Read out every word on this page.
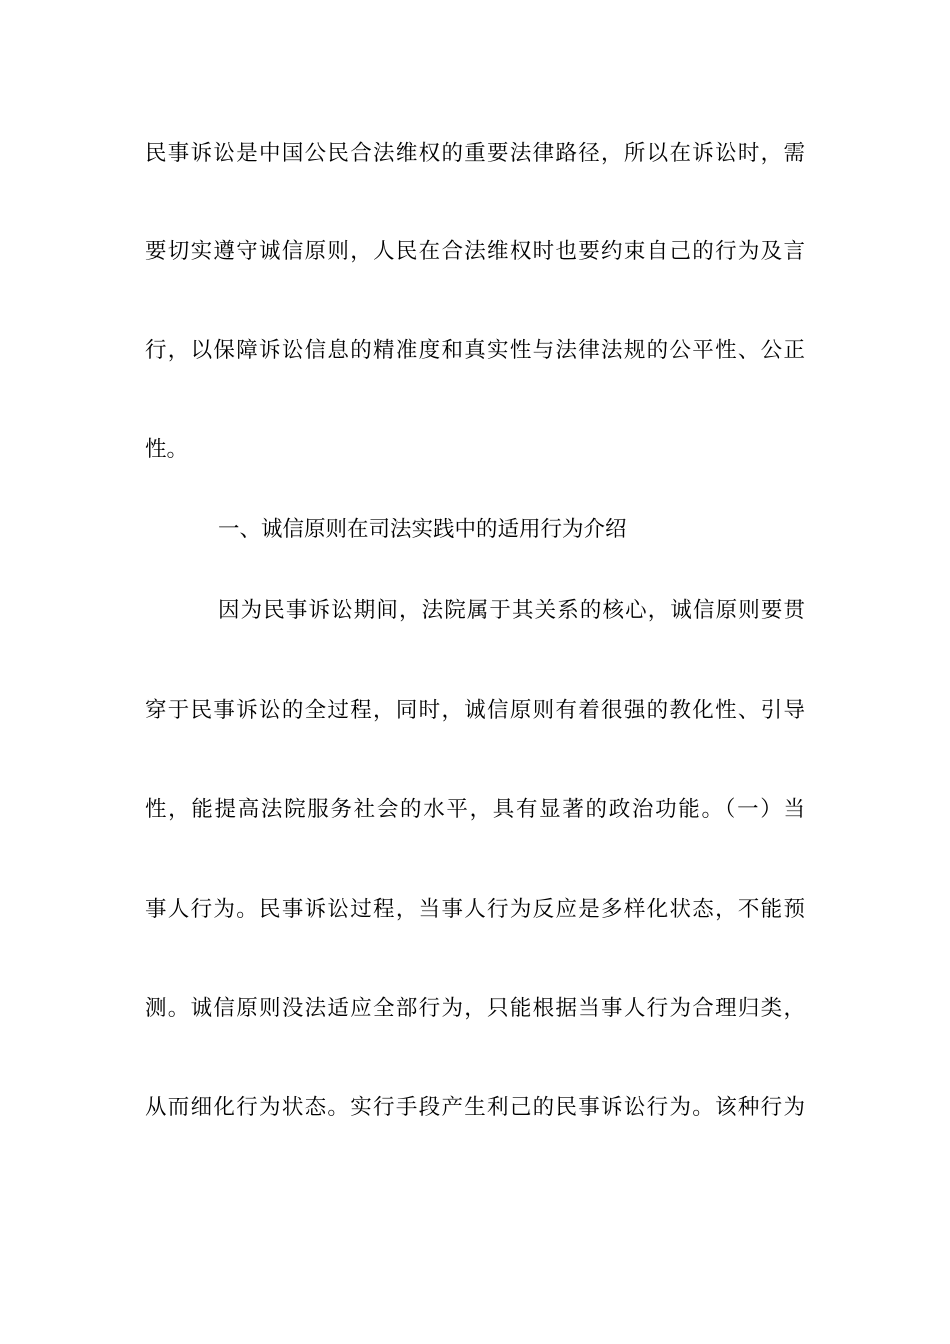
民事诉讼是中国公民合法维权的重要法律路径，所以在诉讼时，需
要切实遵守诚信原则，人民在合法维权时也要约束自己的行为及言
行，以保障诉讼信息的精准度和真实性与法律法规的公平性、公正
性。
一、诚信原则在司法实践中的适用行为介绍
因为民事诉讼期间，法院属于其关系的核心，诚信原则要贯
穿于民事诉讼的全过程，同时，诚信原则有着很强的教化性、引导
性，能提高法院服务社会的水平，具有显著的政治功能。（一）当
事人行为。民事诉讼过程，当事人行为反应是多样化状态，不能预
测。诚信原则没法适应全部行为，只能根据当事人行为合理归类，
从而细化行为状态。实行手段产生利己的民事诉讼行为。该种行为
